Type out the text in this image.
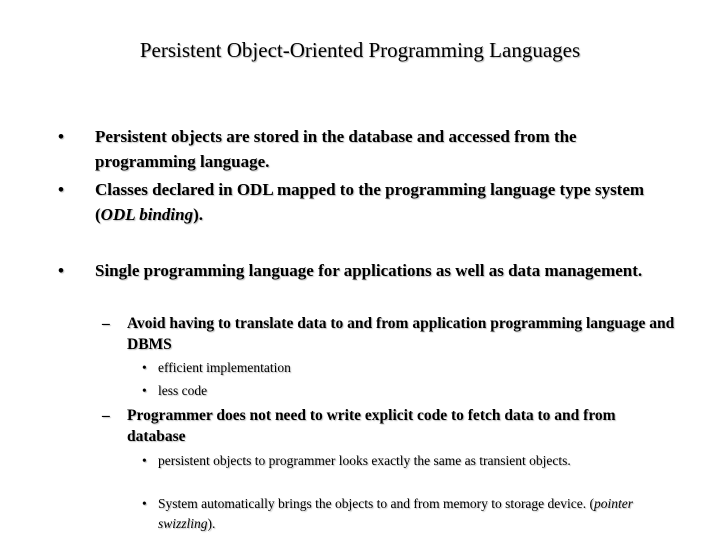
Persistent Object-Oriented Programming Languages
• Persistent objects are stored in the database and accessed from the programming language.
• Classes declared in ODL mapped to the programming language type system (ODL binding).
• Single programming language for applications as well as data management.
– Avoid having to translate data to and from application programming language and DBMS
• efficient implementation
• less code
– Programmer does not need to write explicit code to fetch data to and from database
• persistent objects to programmer looks exactly the same as transient objects.
• System automatically brings the objects to and from memory to storage device. (pointer swizzling).
